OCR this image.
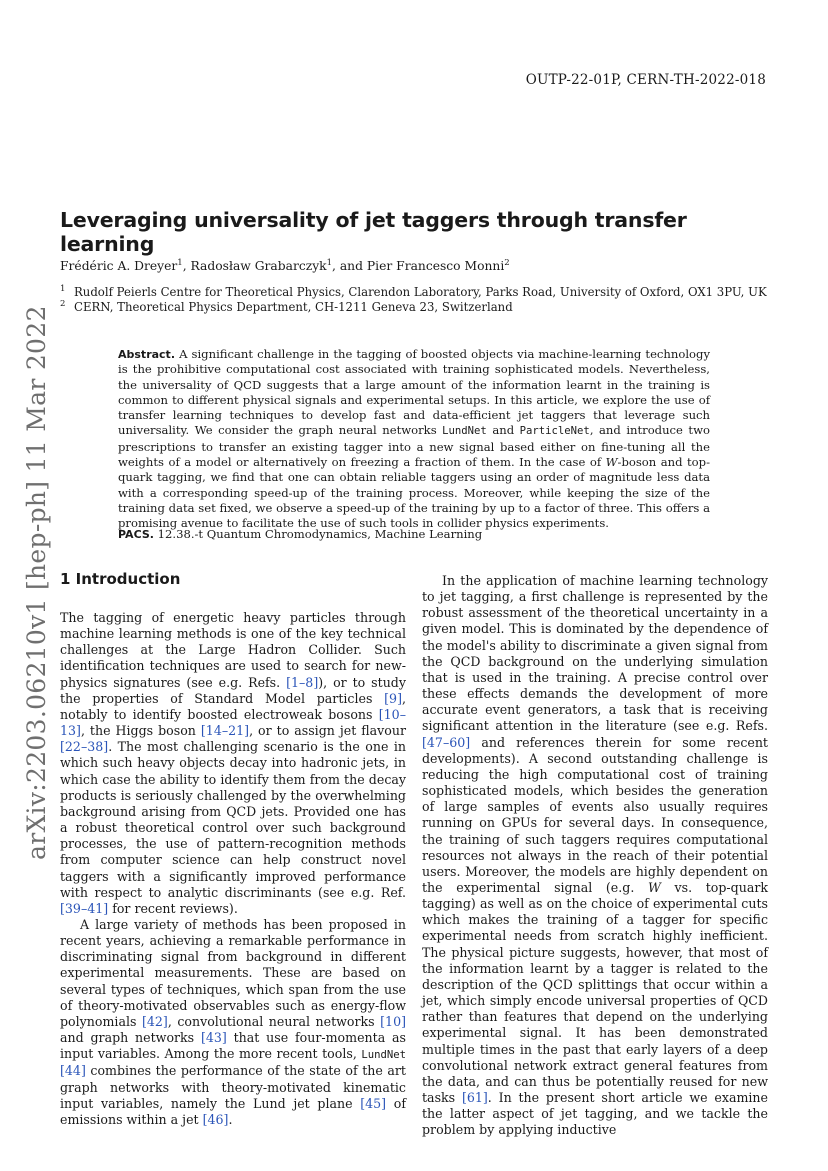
OUTP-22-01P, CERN-TH-2022-018
Leveraging universality of jet taggers through transfer learning
Frédéric A. Dreyer$^1$, Radosław Grabarczyk$^1$, and Pier Francesco Monni$^2$
$^1$ Rudolf Peierls Centre for Theoretical Physics, Clarendon Laboratory, Parks Road, University of Oxford, OX1 3PU, UK
$^2$ CERN, Theoretical Physics Department, CH-1211 Geneva 23, Switzerland
arXiv:2203.06210v1 [hep-ph] 11 Mar 2022	Abstract. A significant challenge in the tagging of boosted objects via machine-learning technology is the prohibitive computational cost associated with training sophisticated models. Nevertheless, the universality of QCD suggests that a large amount of the information learnt in the training is common to different physical signals and experimental setups. In this article, we explore the use of transfer learning techniques to develop fast and data-efficient jet taggers that leverage such universality. We consider the graph neural networks LundNet and ParticleNet, and introduce two prescriptions to transfer an existing tagger into a new signal based either on fine-tuning all the weights of a model or alternatively on freezing a fraction of them. In the case of W-boson and top-quark tagging, we find that one can obtain reliable taggers using an order of magnitude less data with a corresponding speed-up of the training process. Moreover, while keeping the size of the training data set fixed, we observe a speed-up of the training by up to a factor of three. This offers a promising avenue to facilitate the use of such tools in collider physics experiments.
PACS. 12.38.-t Quantum Chromodynamics, Machine Learning
1 Introduction

The tagging of energetic heavy particles through machine learning methods is one of the key technical challenges at the Large Hadron Collider. Such identification techniques are used to search for new-physics signatures (see e.g. Refs. [1–8]), or to study the properties of Standard Model particles [9], notably to identify boosted electroweak bosons [10–13], the Higgs boson [14–21], or to assign jet flavour [22–38]. The most challenging scenario is the one in which such heavy objects decay into hadronic jets, in which case the ability to identify them from the decay products is seriously challenged by the overwhelming background arising from QCD jets. Provided one has a robust theoretical control over such background processes, the use of pattern-recognition methods from computer science can help construct novel taggers with a significantly improved performance with respect to analytic discriminants (see e.g. Ref. [39–41] for recent reviews).

A large variety of methods has been proposed in recent years, achieving a remarkable performance in discriminating signal from background in different experimental measurements. These are based on several types of techniques, which span from the use of theory-motivated observables such as energy-flow polynomials [42], convolutional neural networks [10] and graph networks [43] that use four-momenta as input variables. Among the more recent tools, LundNet [44] combines the performance of the state of the art graph networks with theory-motivated kinematic input variables, namely the Lund jet plane [45] of emissions within a jet [46].

In the application of machine learning technology to jet tagging, a first challenge is represented by the robust assessment of the theoretical uncertainty in a given model. This is dominated by the dependence of the model's ability to discriminate a given signal from the QCD background on the underlying simulation that is used in the training. A precise control over these effects demands the development of more accurate event generators, a task that is receiving significant attention in the literature (see e.g. Refs. [47–60] and references therein for some recent developments). A second outstanding challenge is reducing the high computational cost of training sophisticated models, which besides the generation of large samples of events also usually requires running on GPUs for several days. In consequence, the training of such taggers requires computational resources not always in the reach of their potential users. Moreover, the models are highly dependent on the experimental signal (e.g. W vs. top-quark tagging) as well as on the choice of experimental cuts which makes the training of a tagger for specific experimental needs from scratch highly inefficient. The physical picture suggests, however, that most of the information learnt by a tagger is related to the description of the QCD splittings that occur within a jet, which simply encode universal properties of QCD rather than features that depend on the underlying experimental signal. It has been demonstrated multiple times in the past that early layers of a deep convolutional network extract general features from the data, and can thus be potentially reused for new tasks [61]. In the present short article we examine the latter aspect of jet tagging, and we tackle the problem by applying inductive
